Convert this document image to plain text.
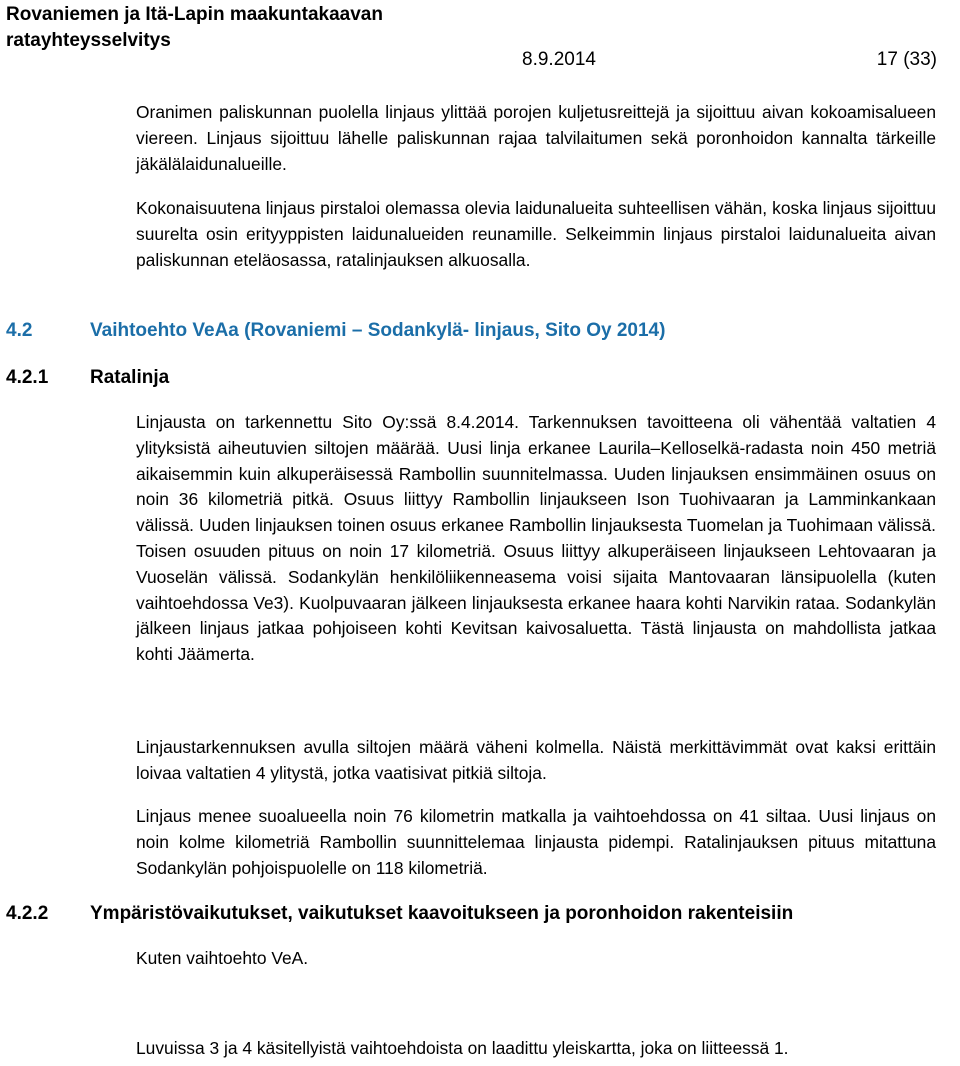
Rovaniemen ja Itä-Lapin maakuntakaavan ratayhteysselvitys
8.9.2014	17 (33)

Oranimen paliskunnan puolella linjaus ylittää porojen kuljetusreittejä ja sijoittuu aivan kokoamisalueen viereen. Linjaus sijoittuu lähelle paliskunnan rajaa talvilaitumen sekä poronhoidon kannalta tärkeille jäkälälaidunalueille.

Kokonaisuutena linjaus pirstaloi olemassa olevia laidunalueita suhteellisen vähän, koska linjaus sijoittuu suurelta osin erityyppisten laidunalueiden reunamille. Selkeimmin linjaus pirstaloi laidunalueita aivan paliskunnan eteläosassa, ratalinjauksen alkuosalla.

4.2	Vaihtoehto VeAa (Rovaniemi – Sodankylä- linjaus, Sito Oy 2014)
4.2.1 Ratalinja

Linjausta on tarkennettu Sito Oy:ssä 8.4.2014. Tarkennuksen tavoitteena oli vähentää valtatien 4 ylityksistä aiheutuvien siltojen määrää. Uusi linja erkanee Laurila–Kelloselkä-radasta noin 450 metriä aikaisemmin kuin alkuperäisessä Rambollin suunnitelmassa. Uuden linjauksen ensimmäinen osuus on noin 36 kilometriä pitkä. Osuus liittyy Rambollin linjaukseen Ison Tuohivaaran ja Lamminkankaan välissä. Uuden linjauksen toinen osuus erkanee Rambollin linjauksesta Tuomelan ja Tuohimaan välissä. Toisen osuuden pituus on noin 17 kilometriä. Osuus liittyy alkuperäiseen linjaukseen Lehtovaaran ja Vuoselän välissä. Sodankylän henkilöliikenneasema voisi sijaita Mantovaaran länsipuolella (kuten vaihtoehdossa Ve3). Kuolpuvaaran jälkeen linjauksesta erkanee haara kohti Narvikin rataa. Sodankylän jälkeen linjaus jatkaa pohjoiseen kohti Kevitsan kaivosaluetta. Tästä linjausta on mahdollista jatkaa kohti Jäämerta.

Linjaustarkennuksen avulla siltojen määrä väheni kolmella. Näistä merkittävimmät ovat kaksi erittäin loivaa valtatien 4 ylitystä, jotka vaatisivat pitkiä siltoja.

Linjaus menee suoalueella noin 76 kilometrin matkalla ja vaihtoehdossa on 41 siltaa. Uusi linjaus on noin kolme kilometriä Rambollin suunnittelemaa linjausta pidempi. Ratalinjauksen pituus mitattuna Sodankylän pohjoispuolelle on 118 kilometriä.

4.2.2 Ympäristövaikutukset, vaikutukset kaavoitukseen ja poronhoidon rakenteisiin

Kuten vaihtoehto VeA.

Luvuissa 3 ja 4 käsitellyistä vaihtoehdoista on laadittu yleiskartta, joka on liitteessä 1.
